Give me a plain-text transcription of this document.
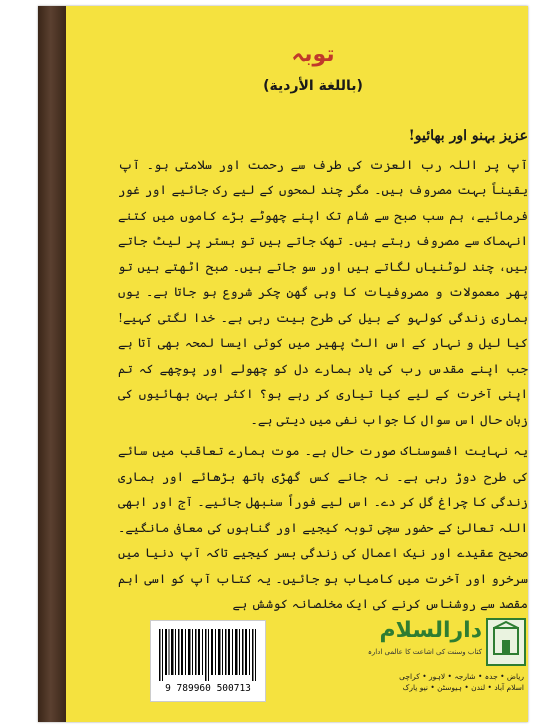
توبہ
(باللغة الأردية)
عزیز بہنو اور بھائیو!

آپ پر اللہ رب العزت کی طرف سے رحمت اور سلامتی ہو۔ آپ یقیناً بہت مصروف ہیں۔ مگر چند لمحوں کے لیے رک جائیے اور غور فرمائیے، ہم سب صبح سے شام تک اپنے چھوٹے بڑے کاموں میں کتنے انہماک سے مصروف رہتے ہیں۔ تھک جاتے ہیں تو بستر پر لیٹ جاتے ہیں، چند لوٹنیاں لگاتے ہیں اور سو جاتے ہیں۔ صبح اٹھتے ہیں تو پھر معمولات و مصروفیات کا وہی گھن چکر شروع ہو جاتا ہے۔ یوں ہماری زندگی کولہو کے بیل کی طرح بیت رہی ہے۔ خدا لگتی کہیے! کیا لیل و نہار کے اس الٹ پھیر میں کوئی ایسا لمحہ بھی آتا ہے جب اپنے مقدس رب کی یاد ہمارے دل کو چھولے اور پوچھے کہ تم اپنی آخرت کے لیے کیا تیاری کر رہے ہو؟ اکثر بہن بھائیوں کی زبان حال اس سوال کا جواب نفی میں دیتی ہے۔

یہ نہایت افسوسناک صورت حال ہے۔ موت ہمارے تعاقب میں سائے کی طرح دوڑ رہی ہے۔ نہ جانے کس گھڑی ہاتھ بڑھائے اور ہماری زندگی کا چراغ گل کر دے۔ اس لیے فوراً سنبھل جائیے۔ آج اور ابھی اللہ تعالیٰ کے حضور سچی توبہ کیجیے اور گناہوں کی معافی مانگیے۔ صحیح عقیدے اور نیک اعمال کی زندگی بسر کیجیے تاکہ آپ دنیا میں سرخرو اور آخرت میں کامیاب ہو جائیں۔ یہ کتاب آپ کو اسی اہم مقصد سے روشناس کرنے کی ایک مخلصانہ کوشش ہے

9 789960 500713
دارالسلام
کتاب وسنت کی اشاعت کا عالمی ادارہ
ریاض • جدہ • شارجہ • لاہور • کراچی
اسلام آباد • لندن • ہیوسٹن • نیو یارک
